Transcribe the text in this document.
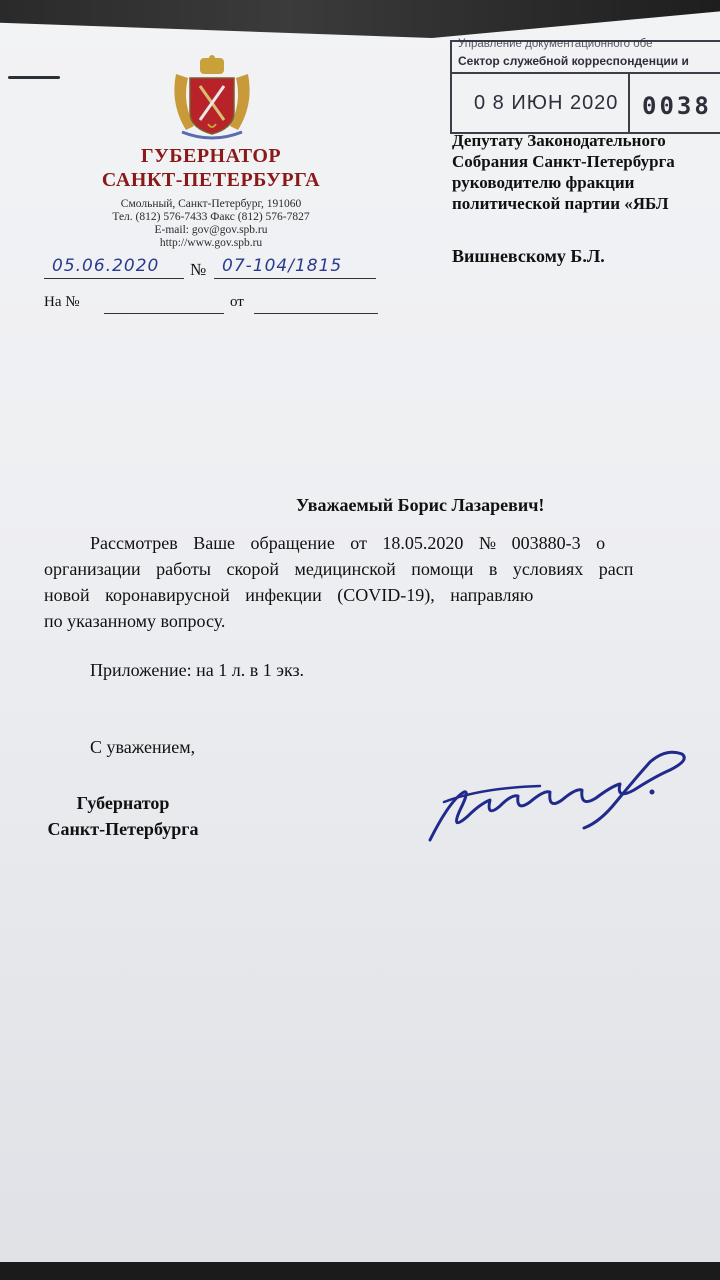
ГУБЕРНАТОР
САНКТ-ПЕТЕРБУРГА
Смольный, Санкт-Петербург, 191060
Тел. (812) 576-7433 Факс (812) 576-7827
E-mail: gov@gov.spb.ru
http://www.gov.spb.ru
05.06.2020 № 07-104/1815
На №	от
Управление документационного обе
Сектор служебной корреспонденции и
0 8 ИЮН 2020 0038
Депутату Законодательного
Собрания Санкт-Петербурга
руководителю фракции
политической партии «ЯБЛ
Вишневскому Б.Л.
Уважаемый Борис Лазаревич!
Рассмотрев Ваше обращение от 18.05.2020 № 003880-3 о
организации работы скорой медицинской помощи в условиях расп
новой коронавирусной инфекции (COVID-19), направляю
по указанному вопросу.
Приложение: на 1 л. в 1 экз.
С уважением,
Губернатор
Санкт-Петербурга
